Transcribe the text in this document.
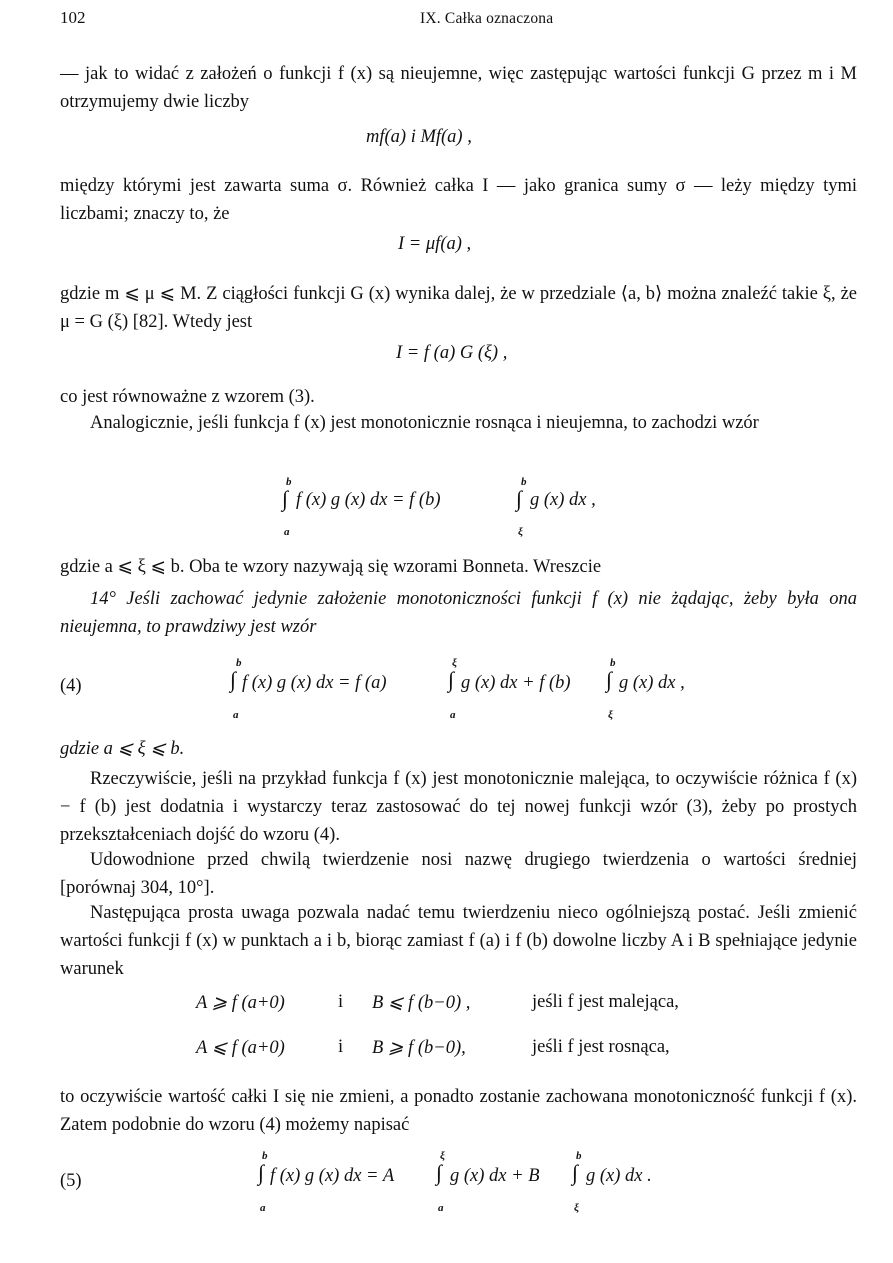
102	IX. Całka oznaczona
— jak to widać z założeń o funkcji f (x) są nieujemne, więc zastępując wartości funkcji G przez m i M otrzymujemy dwie liczby
mf(a) i Mf(a) ,
między którymi jest zawarta suma σ. Również całka I — jako granica sumy σ — leży między tymi liczbami; znaczy to, że
I = μf(a) ,
gdzie m ⩽ μ ⩽ M. Z ciągłości funkcji G (x) wynika dalej, że w przedziale ⟨a, b⟩ można znaleźć takie ξ, że μ = G (ξ) [82]. Wtedy jest
I = f (a) G (ξ) ,
co jest równoważne z wzorem (3).
Analogicznie, jeśli funkcja f (x) jest monotonicznie rosnąca i nieujemna, to zachodzi wzór
b
∫
a
f (x) g (x) dx = f (b)
b
∫
ξ
g (x) dx ,
gdzie a ⩽ ξ ⩽ b. Oba te wzory nazywają się wzorami Bonneta. Wreszcie
14° Jeśli zachować jedynie założenie monotoniczności funkcji f (x) nie żądając, żeby była ona nieujemna, to prawdziwy jest wzór
(4)
b
∫
a
f (x) g (x) dx = f (a)
ξ
∫
a
g (x) dx + f (b)
b
∫
ξ
g (x) dx ,
gdzie a ⩽ ξ ⩽ b.
Rzeczywiście, jeśli na przykład funkcja f (x) jest monotonicznie malejąca, to oczywiście różnica f (x) − f (b) jest dodatnia i wystarczy teraz zastosować do tej nowej funkcji wzór (3), żeby po prostych przekształceniach dojść do wzoru (4).
Udowodnione przed chwilą twierdzenie nosi nazwę drugiego twierdzenia o wartości średniej [porównaj 304, 10°].
Następująca prosta uwaga pozwala nadać temu twierdzeniu nieco ogólniejszą postać. Jeśli zmienić wartości funkcji f (x) w punktach a i b, biorąc zamiast f (a) i f (b) dowolne liczby A i B spełniające jedynie warunek
A ⩾ f (a+0)	i B ⩽ f (b−0) ,	jeśli f jest malejąca,
A ⩽ f (a+0)	i B ⩾ f (b−0),	jeśli f jest rosnąca,
to oczywiście wartość całki I się nie zmieni, a ponadto zostanie zachowana monotoniczność funkcji f (x). Zatem podobnie do wzoru (4) możemy napisać
(5)
b
∫
a
f (x) g (x) dx = A
ξ
∫
a
g (x) dx + B
b
∫
ξ
g (x) dx .
